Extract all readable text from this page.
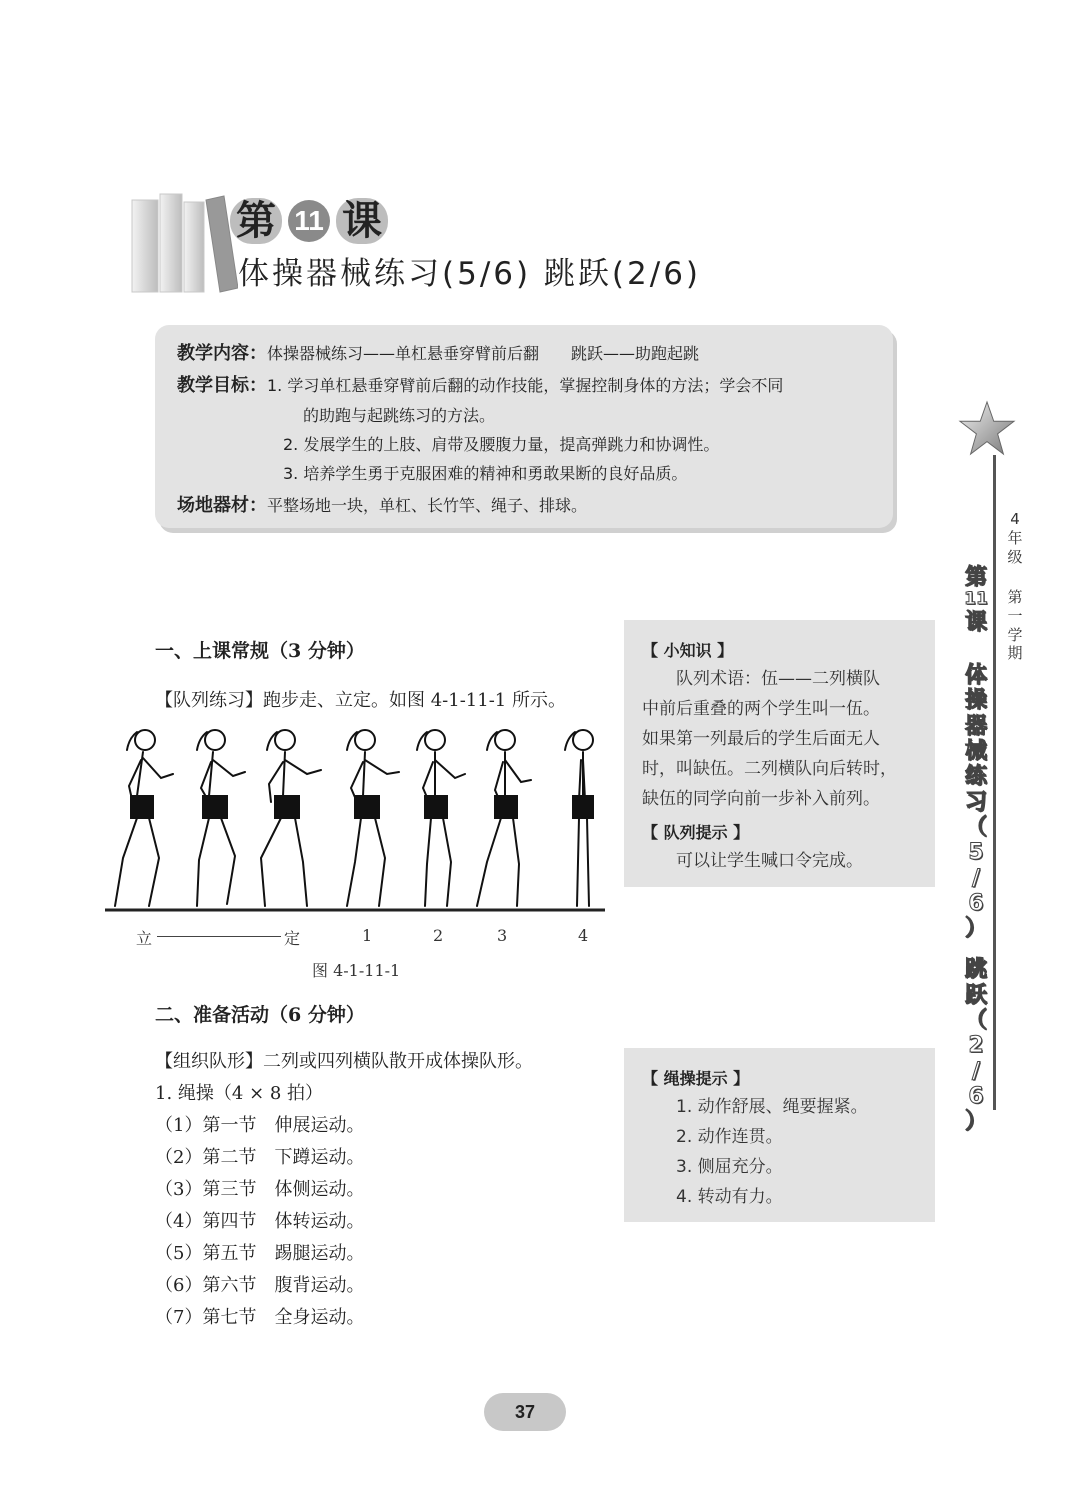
第 11 课
体操器械练习(5/6) 跳跃(2/6)
教学内容：体操器械练习——单杠悬垂穿臂前后翻　　跳跃——助跑起跳
教学目标：1. 学习单杠悬垂穿臂前后翻的动作技能，掌握控制身体的方法；学会不同
的助跑与起跳练习的方法。
2. 发展学生的上肢、肩带及腰腹力量，提高弹跳力和协调性。
3. 培养学生勇于克服困难的精神和勇敢果断的良好品质。
场地器材：平整场地一块，单杠、长竹竿、绳子、排球。
4
年
级
第
一
学
期
第
11
课
体
操
器
械
练
习
（
5
/
6
）
跳
跃
（
2
/
6
）
一、上课常规（3 分钟）
【队列练习】跑步走、立定。如图 4-1-11-1 所示。
立	定	1	2	3	4
图 4-1-11-1
二、准备活动（6 分钟）
【组织队形】二列或四列横队散开成体操队形。
1. 绳操（4 × 8 拍）
（1）第一节　伸展运动。
（2）第二节　下蹲运动。
（3）第三节　体侧运动。
（4）第四节　体转运动。
（5）第五节　踢腿运动。
（6）第六节　腹背运动。
（7）第七节　全身运动。
【 小知识 】
　　队列术语：伍——二列横队
中前后重叠的两个学生叫一伍。
如果第一列最后的学生后面无人
时，叫缺伍。二列横队向后转时，
缺伍的同学向前一步补入前列。
【 队列提示 】
　　可以让学生喊口令完成。
【 绳操提示 】
1. 动作舒展、绳要握紧。
2. 动作连贯。
3. 侧屈充分。
4. 转动有力。
37
